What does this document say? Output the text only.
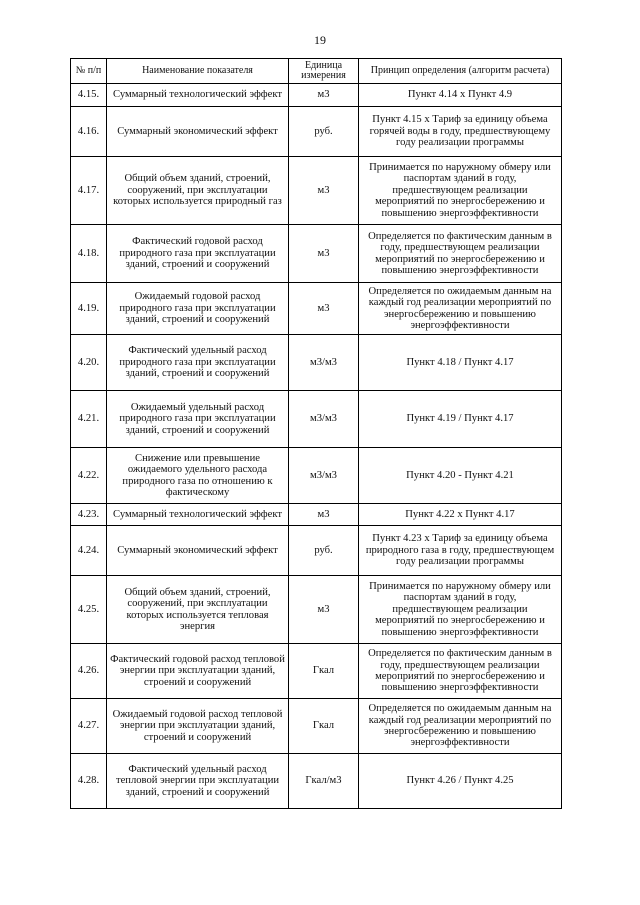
19
№ п/п	Наименование показателя	Единица измерения	Принцип определения (алгоритм расчета)
4.15.	Суммарный технологический эффект	м3	Пункт 4.14 х Пункт 4.9
4.16.	Суммарный экономический эффект	руб.	Пункт 4.15 х Тариф за единицу объема горячей воды в году, предшествующему году реализации программы
4.17.	Общий объем зданий, строений, сооружений, при эксплуатации которых используется природный газ	м3	Принимается по наружному обмеру или паспортам зданий в году, предшествующем реализации мероприятий по энергосбережению и повышению энергоэффективности
4.18.	Фактический годовой расход природного газа при эксплуатации зданий, строений и сооружений	м3	Определяется по фактическим данным в году, предшествующем реализации мероприятий по энергосбережению и повышению энергоэффективности
4.19.	Ожидаемый годовой расход природного газа при эксплуатации зданий, строений и сооружений	м3	Определяется по ожидаемым данным на каждый год реализации мероприятий по энергосбережению и повышению энергоэффективности
4.20.	Фактический удельный расход природного газа при эксплуатации зданий, строений и сооружений	м3/м3	Пункт 4.18 / Пункт 4.17
4.21.	Ожидаемый удельный расход природного газа при эксплуатации зданий, строений и сооружений	м3/м3	Пункт 4.19 / Пункт 4.17
4.22.	Снижение или превышение ожидаемого удельного расхода природного газа по отношению к фактическому	м3/м3	Пункт 4.20 - Пункт 4.21
4.23.	Суммарный технологический эффект	м3	Пункт 4.22 х Пункт 4.17
4.24.	Суммарный экономический эффект	руб.	Пункт 4.23 х Тариф за единицу объема природного газа в году, предшествующем году реализации программы
4.25.	Общий объем зданий, строений, сооружений, при эксплуатации которых используется тепловая энергия	м3	Принимается по наружному обмеру или паспортам зданий в году, предшествующем реализации мероприятий по энергосбережению и повышению энергоэффективности
4.26.	Фактический годовой расход тепловой энергии при эксплуатации зданий, строений и сооружений	Гкал	Определяется по фактическим данным в году, предшествующем реализации мероприятий по энергосбережению и повышению энергоэффективности
4.27.	Ожидаемый годовой расход тепловой энергии при эксплуатации зданий, строений и сооружений	Гкал	Определяется по ожидаемым данным на каждый год реализации мероприятий по энергосбережению и повышению энергоэффективности
4.28.	Фактический удельный расход тепловой энергии при эксплуатации зданий, строений и сооружений	Гкал/м3	Пункт 4.26 / Пункт 4.25
